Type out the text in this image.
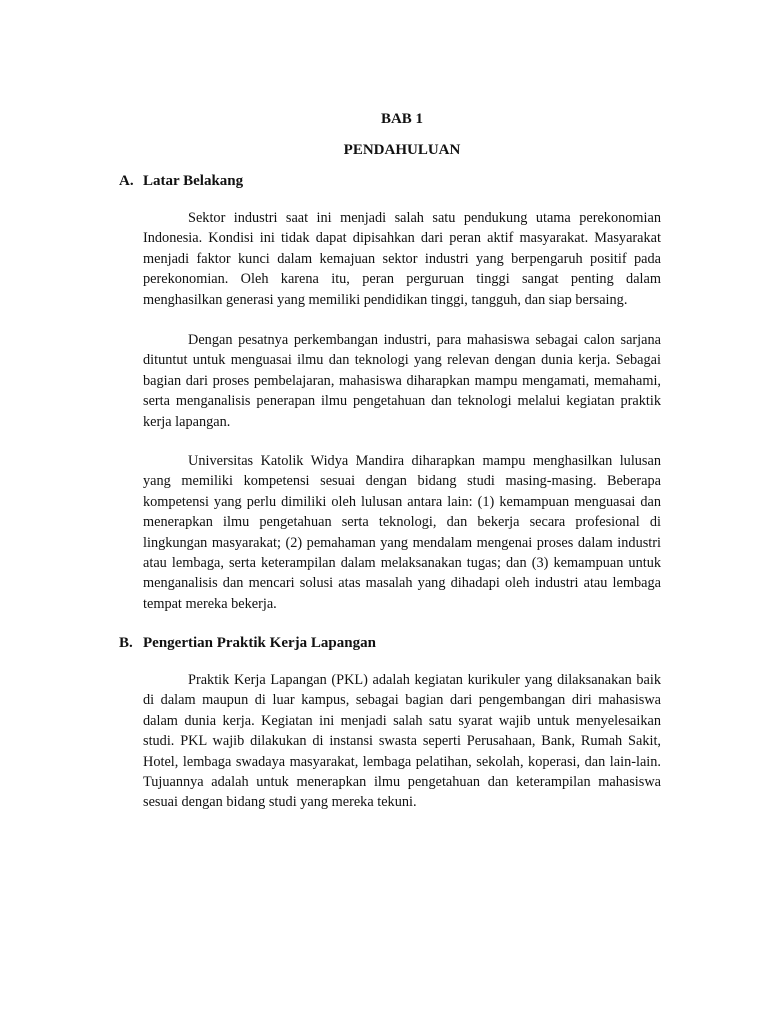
BAB 1
PENDAHULUAN
A. Latar Belakang

Sektor industri saat ini menjadi salah satu pendukung utama perekonomian Indonesia. Kondisi ini tidak dapat dipisahkan dari peran aktif masyarakat. Masyarakat menjadi faktor kunci dalam kemajuan sektor industri yang berpengaruh positif pada perekonomian. Oleh karena itu, peran perguruan tinggi sangat penting dalam menghasilkan generasi yang memiliki pendidikan tinggi, tangguh, dan siap bersaing.

Dengan pesatnya perkembangan industri, para mahasiswa sebagai calon sarjana dituntut untuk menguasai ilmu dan teknologi yang relevan dengan dunia kerja. Sebagai bagian dari proses pembelajaran, mahasiswa diharapkan mampu mengamati, memahami, serta menganalisis penerapan ilmu pengetahuan dan teknologi melalui kegiatan praktik kerja lapangan.

Universitas Katolik Widya Mandira diharapkan mampu menghasilkan lulusan yang memiliki kompetensi sesuai dengan bidang studi masing-masing. Beberapa kompetensi yang perlu dimiliki oleh lulusan antara lain: (1) kemampuan menguasai dan menerapkan ilmu pengetahuan serta teknologi, dan bekerja secara profesional di lingkungan masyarakat; (2) pemahaman yang mendalam mengenai proses dalam industri atau lembaga, serta keterampilan dalam melaksanakan tugas; dan (3) kemampuan untuk menganalisis dan mencari solusi atas masalah yang dihadapi oleh industri atau lembaga tempat mereka bekerja.

B. Pengertian Praktik Kerja Lapangan

Praktik Kerja Lapangan (PKL) adalah kegiatan kurikuler yang dilaksanakan baik di dalam maupun di luar kampus, sebagai bagian dari pengembangan diri mahasiswa dalam dunia kerja. Kegiatan ini menjadi salah satu syarat wajib untuk menyelesaikan studi. PKL wajib dilakukan di instansi swasta seperti Perusahaan, Bank, Rumah Sakit, Hotel, lembaga swadaya masyarakat, lembaga pelatihan, sekolah, koperasi, dan lain-lain. Tujuannya adalah untuk menerapkan ilmu pengetahuan dan keterampilan mahasiswa sesuai dengan bidang studi yang mereka tekuni.
